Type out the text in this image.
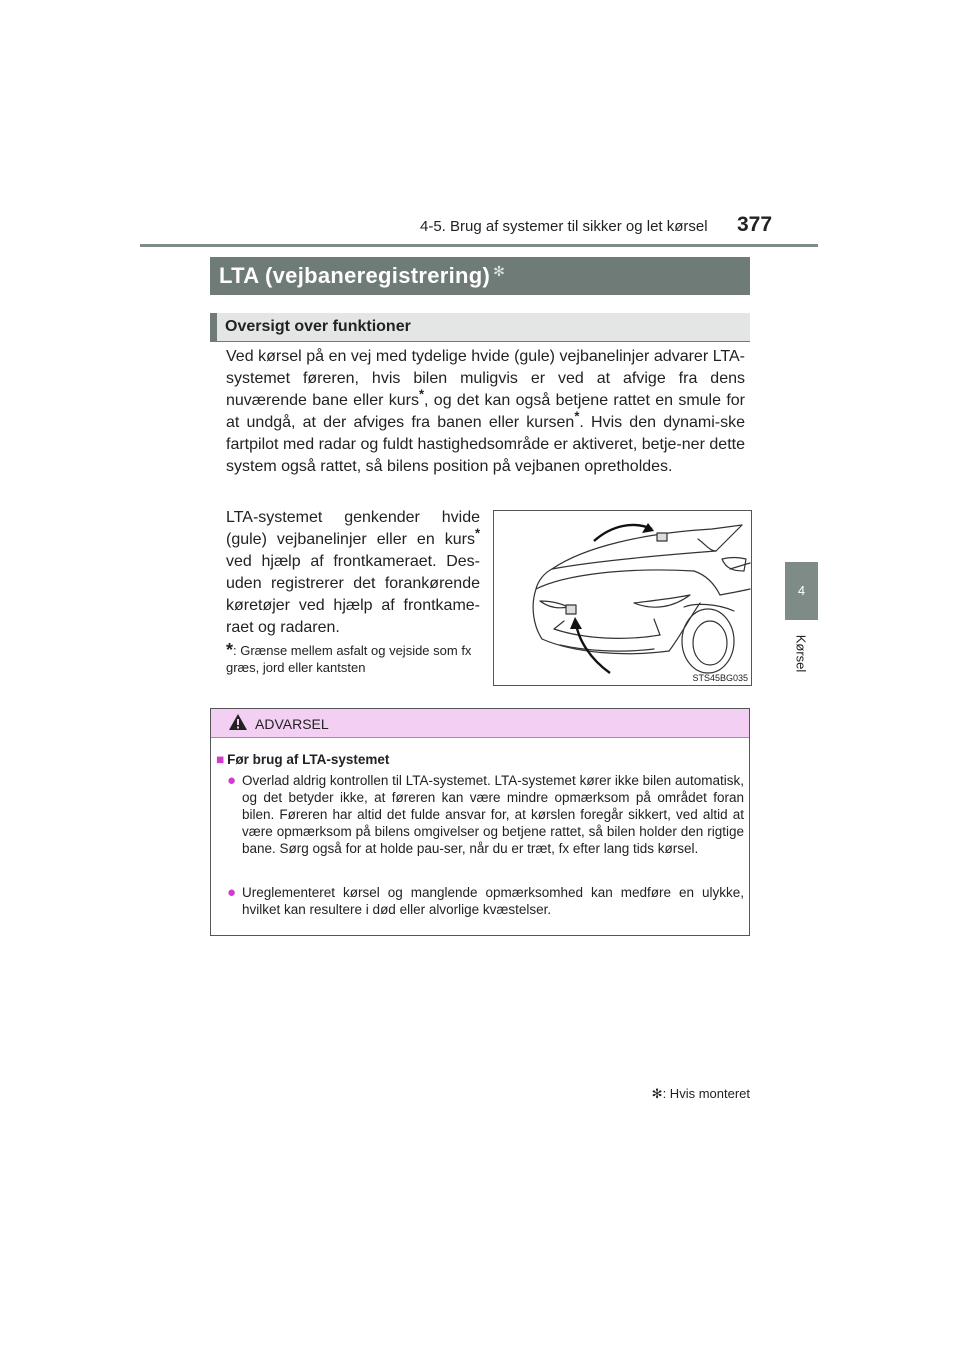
4-5. Brug af systemer til sikker og let kørsel 377
4
Kørsel
LTA (vejbaneregistrering) ✻
Oversigt over funktioner
Ved kørsel på en vej med tydelige hvide (gule) vejbanelinjer advarer LTA-systemet føreren, hvis bilen muligvis er ved at afvige fra dens nuværende bane eller kurs*, og det kan også betjene rattet en smule for at undgå, at der afviges fra banen eller kursen*. Hvis den dynami-ske fartpilot med radar og fuldt hastighedsområde er aktiveret, betje-ner dette system også rattet, så bilens position på vejbanen opretholdes.
LTA-systemet genkender hvide (gule) vejbanelinjer eller en kurs* ved hjælp af frontkameraet. Des-uden registrerer det forankørende køretøjer ved hjælp af frontkame-raet og radaren.
*: Grænse mellem asfalt og vejside som fx græs, jord eller kantsten
STS45BG035
ADVARSEL
■ Før brug af LTA-systemet
● Overlad aldrig kontrollen til LTA-systemet. LTA-systemet kører ikke bilen automatisk, og det betyder ikke, at føreren kan være mindre opmærksom på området foran bilen. Føreren har altid det fulde ansvar for, at kørslen foregår sikkert, ved altid at være opmærksom på bilens omgivelser og betjene rattet, så bilen holder den rigtige bane. Sørg også for at holde pau-ser, når du er træt, fx efter lang tids kørsel.
● Ureglementeret kørsel og manglende opmærksomhed kan medføre en ulykke, hvilket kan resultere i død eller alvorlige kvæstelser.
✻: Hvis monteret
